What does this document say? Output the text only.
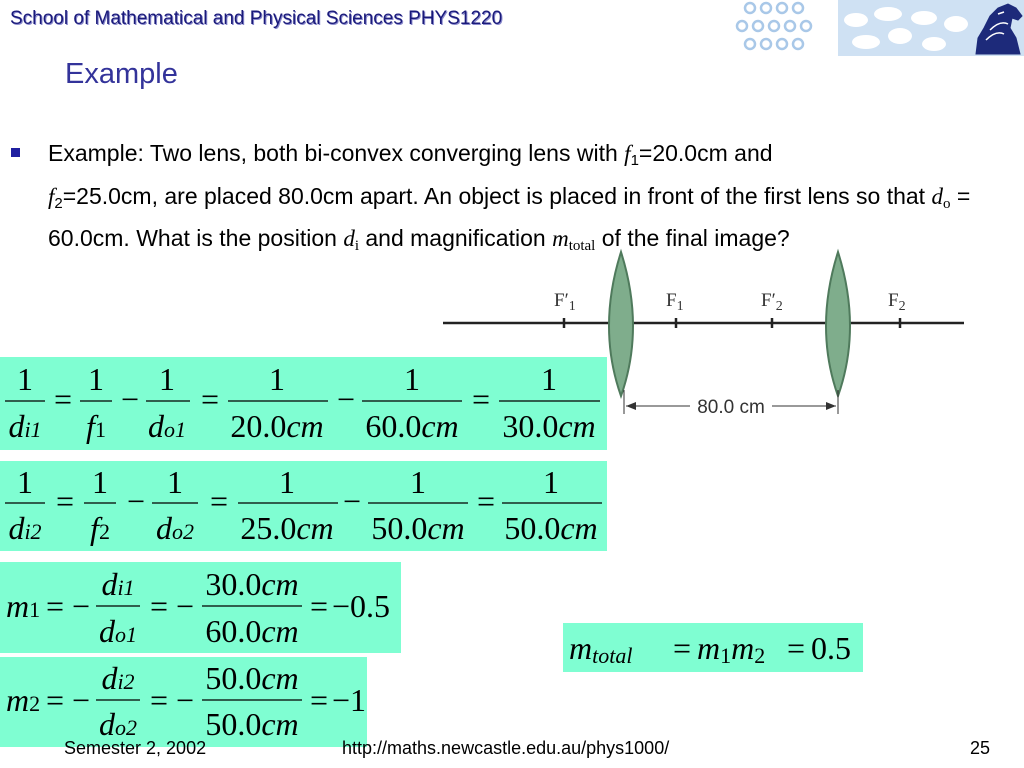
School of Mathematical and Physical Sciences PHYS1220
Example
Example: Two lens, both bi-convex converging lens with $f_1=20.0cm$ and
$f_2=25.0cm$, are placed 80.0cm apart. An object is placed in front of the first lens so that $d_o = 60.0cm$. What is the position $d_i$ and magnification $m_{total}$ of the final image?
$F'_1$	$F_1$	$F'_2$	$F_2$
80.0 cm
1
di1
=
1
f1
−
1
do1
=
1
20.0cm
−
1
60.0cm
=
1
30.0cm
1
di2
=
1
f2
−
1
do2
=
1
25.0cm
−
1
50.0cm
=
1
50.0cm
m1 = −
di1
do1
= −
30.0cm
60.0cm
= −0.5
m2 = −
di2
do2
= −
50.0cm
50.0cm
= −1
mtotal = m1m2 = 0.5
Semester 2, 2002	http://maths.newcastle.edu.au/phys1000/	25
